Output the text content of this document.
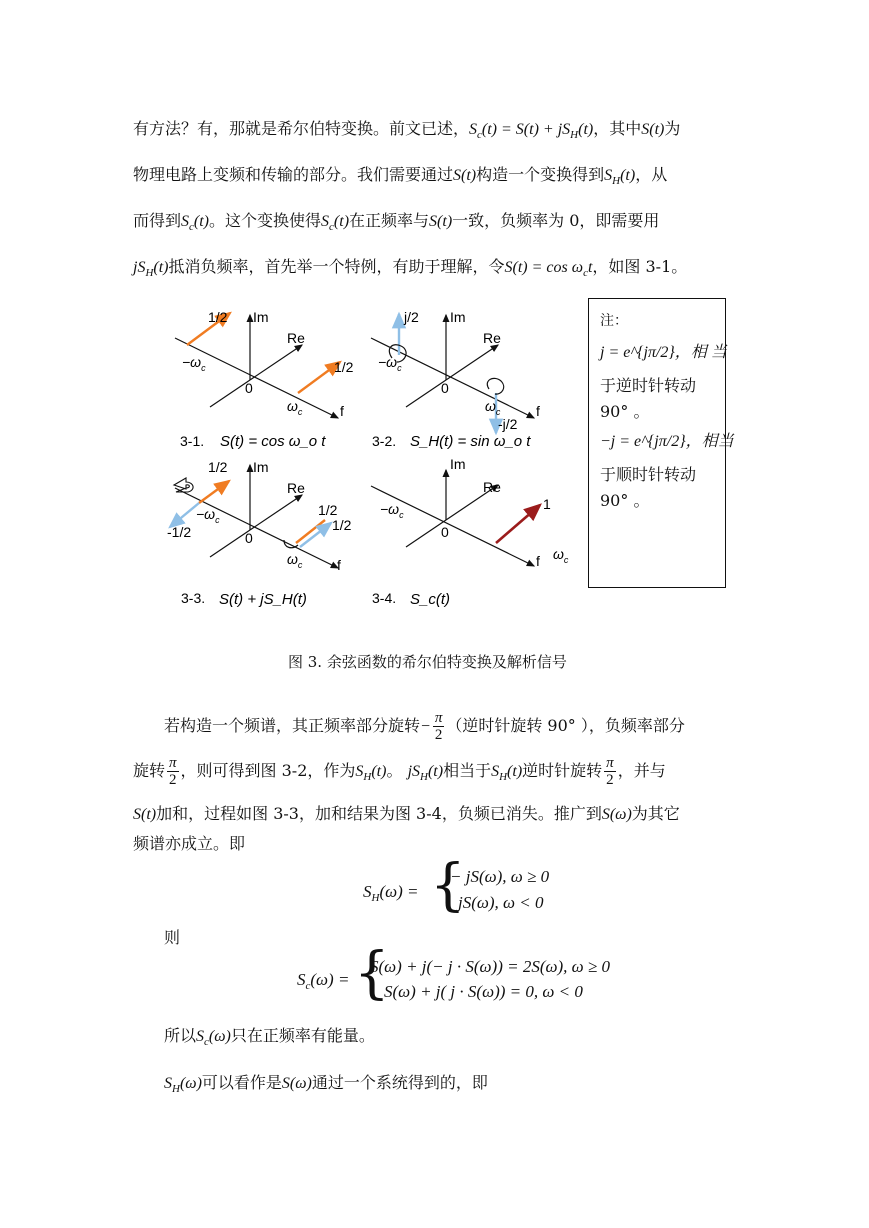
有方法？有，那就是希尔伯特变换。前文已述，$S_c(t) = S(t) + jS_H(t)$，其中S(t)为
物理电路上变频和传输的部分。我们需要通过S(t)构造一个变换得到$S_H(t)$，从
而得到$S_c(t)$。这个变换使得$S_c(t)$在正频率与S(t)一致，负频率为 0，即需要用
$jS_H(t)$抵消负频率，首先举一个特例，有助于理解，令$S(t) = \cos \omega_ct$，如图 3-1。
1/2 Im
Re
1/2
$-\omega_c$
0
$\omega_c$	f
3-1. S(t) = cos ω_o t
j/2 Im
Re
$-\omega_c$
0
$\omega_c$	f
-j/2
3-2. S_H(t) = sin ω_o t
1/2 Im
Re
1/2
1/2
$-\omega_c$
-1/2	0
$\omega_c$ f
3-3. S(t) + jS_H(t)
Im
Re
1
$-\omega_c$
0
f $\omega_c$
3-4. S_c(t)
注：
j = e^{jπ/2}，相 当
于逆时针转动
90° 。
−j = e^{jπ/2}，相当
于顺时针转动
90° 。
图 3. 余弦函数的希尔伯特变换及解析信号
若构造一个频谱，其正频率部分旋转− $\frac{\pi}{2}$ （逆时针旋转 90° ），负频率部分
旋转 $\frac{\pi}{2}$ ，则可得到图 3-2，作为$S_H(t)$。 $jS_H(t)$相当于$S_H(t)$逆时针旋转 $\frac{\pi}{2}$ ，并与
S(t)加和，过程如图 3-3，加和结果为图 3-4，负频已消失。推广到S(ω)为其它
频谱亦成立。即
$S_H(\omega)$ = {
− jS(ω), ω ≥ 0
jS(ω), ω < 0
则
$S_c(\omega)$ = {
S(ω) + j(− j · S(ω)) = 2S(ω), ω ≥ 0
S(ω) + j( j · S(ω)) = 0, ω < 0
所以$S_c(\omega)$只在正频率有能量。
$S_H(\omega)$可以看作是S(ω)通过一个系统得到的，即
